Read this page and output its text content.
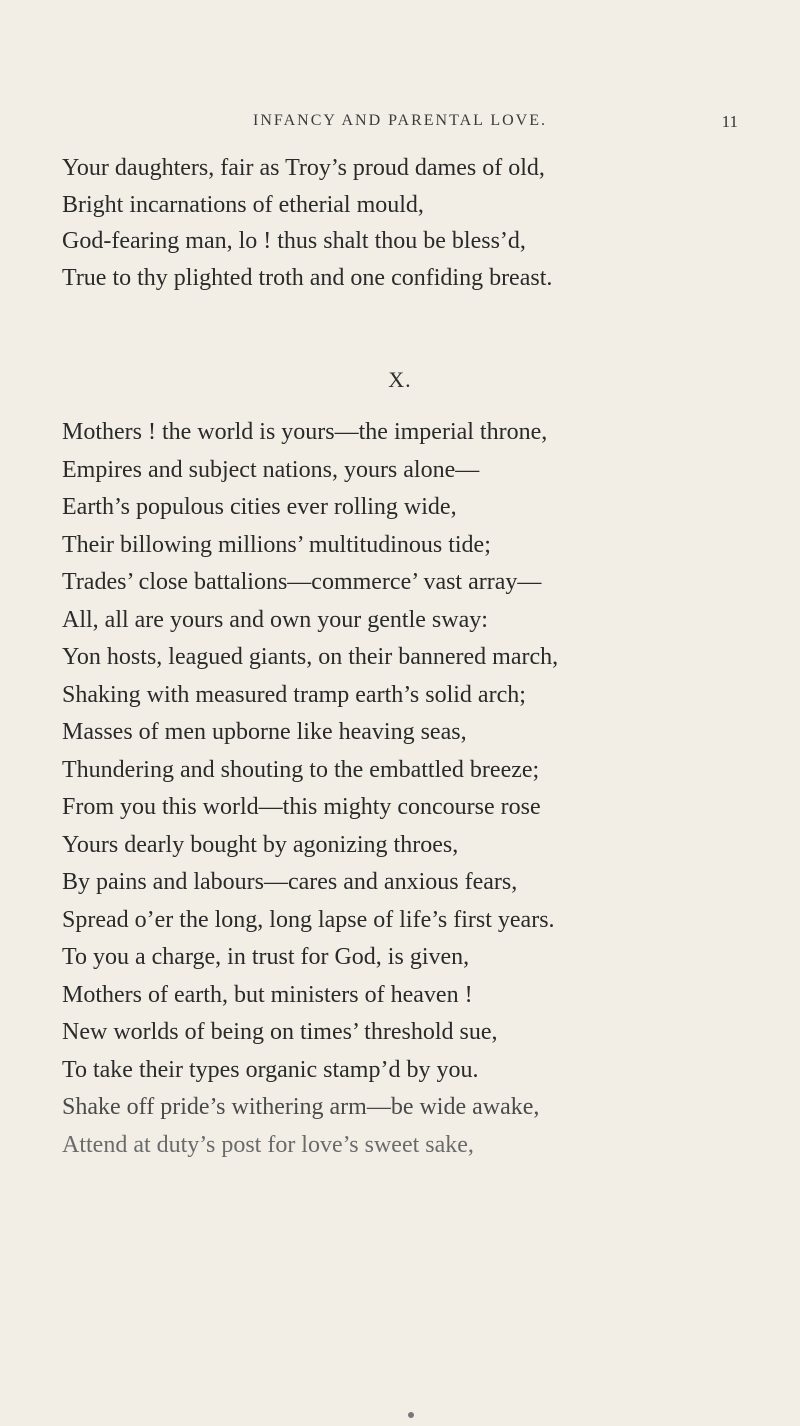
INFANCY AND PARENTAL LOVE.	11
Your daughters, fair as Troy’s proud dames of old,
Bright incarnations of etherial mould,
God-fearing man, lo ! thus shalt thou be bless’d,
True to thy plighted troth and one confiding breast.
X.
Mothers ! the world is yours—the imperial throne,
Empires and subject nations, yours alone—
Earth’s populous cities ever rolling wide,
Their billowing millions’ multitudinous tide;
Trades’ close battalions—commerce’ vast array—
All, all are yours and own your gentle sway:
Yon hosts, leagued giants, on their bannered march,
Shaking with measured tramp earth’s solid arch;
Masses of men upborne like heaving seas,
Thundering and shouting to the embattled breeze;
From you this world—this mighty concourse rose
Yours dearly bought by agonizing throes,
By pains and labours—cares and anxious fears,
Spread o’er the long, long lapse of life’s first years.
To you a charge, in trust for God, is given,
Mothers of earth, but ministers of heaven !
New worlds of being on times’ threshold sue,
To take their types organic stamp’d by you.
Shake off pride’s withering arm—be wide awake,
Attend at duty’s post for love’s sweet sake,
